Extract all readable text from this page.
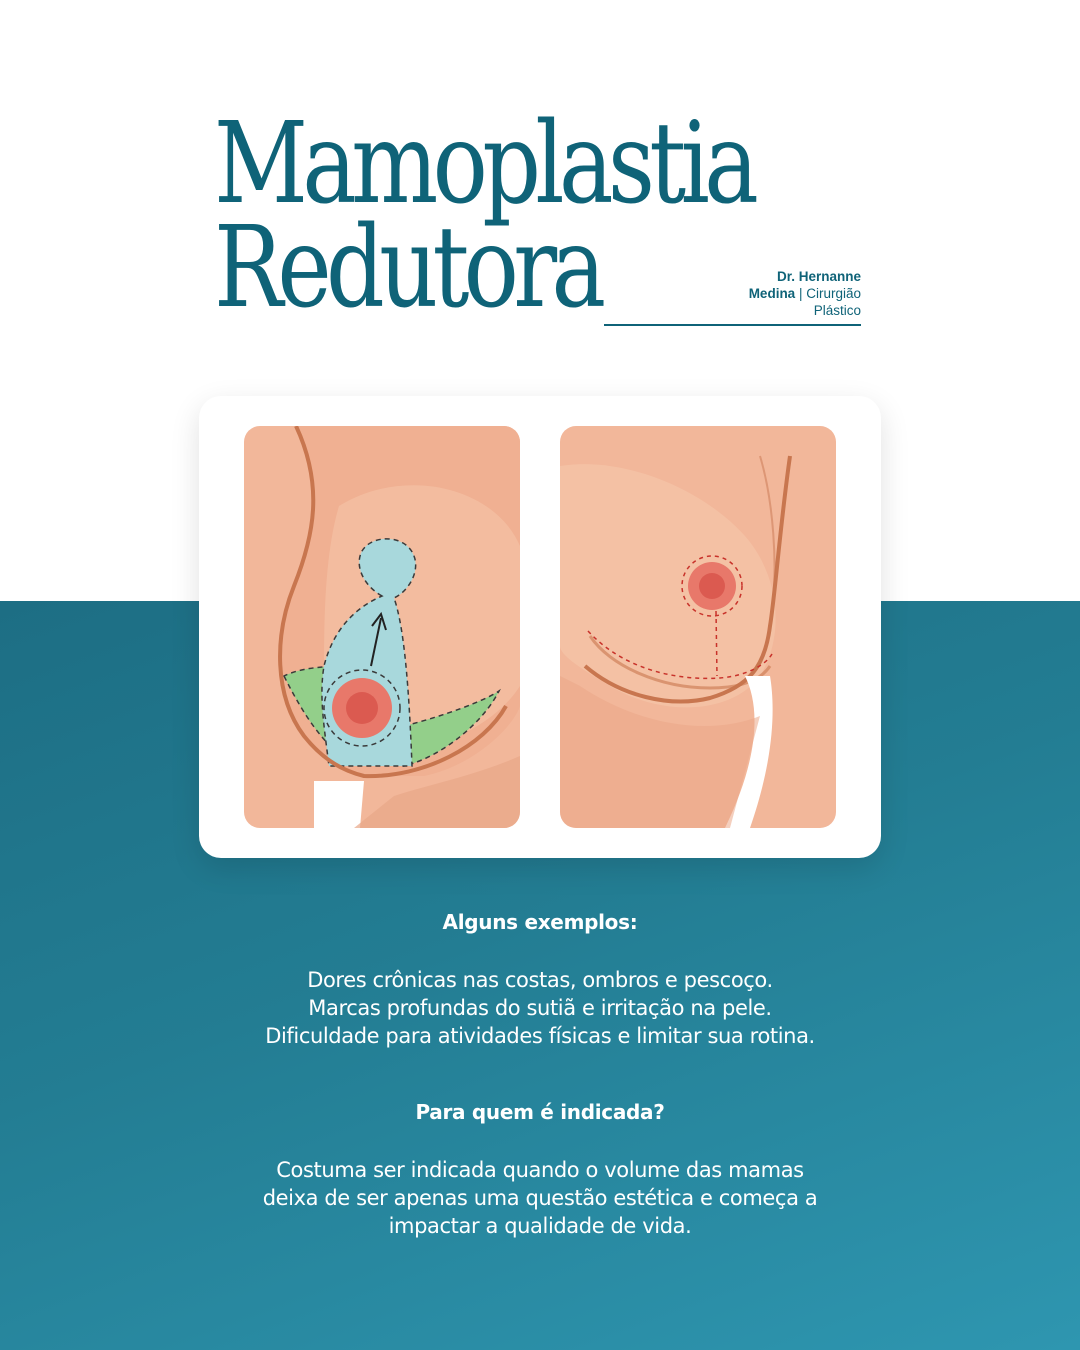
Mamoplastia
Redutora	Dr. Hernanne
Medina | Cirurgião
Plástico
Alguns exemplos:

Dores crônicas nas costas, ombros e pescoço.
Marcas profundas do sutiã e irritação na pele.
Dificuldade para atividades físicas e limitar sua rotina.

Para quem é indicada?

Costuma ser indicada quando o volume das mamas
deixa de ser apenas uma questão estética e começa a
impactar a qualidade de vida.
